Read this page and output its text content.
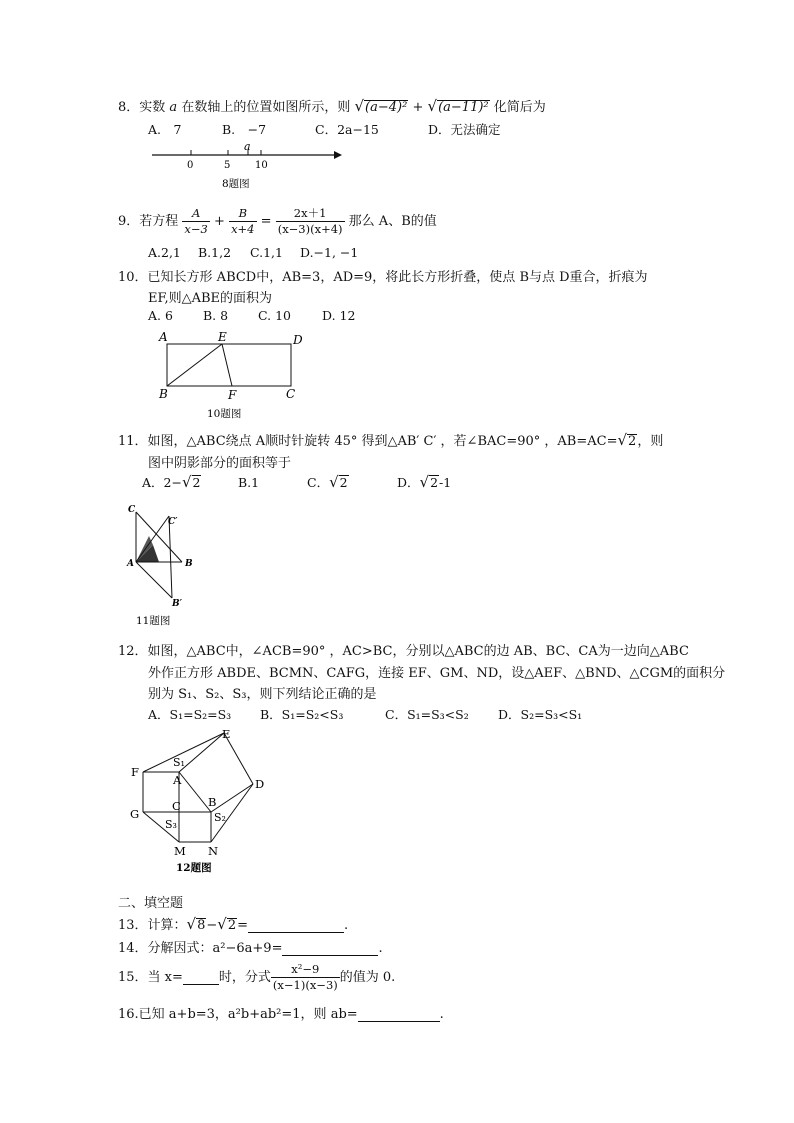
8．实数 a 在数轴上的位置如图所示，则 √(a−4)² + √(a−11)² 化简后为
A.　7	B.　−7	C．2a−15	D．无法确定
a
0	5 10
8题图
9．若方程 $\frac{A}{x-3} + \frac{B}{x+4} = \frac{2x+1}{(x-3)(x+4)}$ 那么 A、B的值
A.2,1 B.1,2 C.1,1 D.−1, −1
10．已知长方形 ABCD中，AB=3，AD=9，将此长方形折叠，使点 B与点 D重合，折痕为
EF,则△ABE的面积为
A. 6 B. 8 C. 10 D. 12
A	E	D
B	F	C
10题图
11．如图，△ABC绕点 A顺时针旋转 45° 得到△AB′ C′ ，若∠BAC=90° ，AB=AC=√2，则
图中阴影部分的面积等于
A．2−√2	B.1	C．√2	D．√2-1
C
C′
A	B
B′
11题图
12．如图，△ABC中，∠ACB=90° ，AC>BC，分别以△ABC的边 AB、BC、CA为一边向△ABC
外作正方形 ABDE、BCMN、CAFG，连接 EF、GM、ND，设△AEF、△BND、△CGM的面积分
别为 S₁、S₂、S₃，则下列结论正确的是
A．S₁=S₂=S₃ B．S₁=S₂<S₃	C．S₁=S₃<S₂ D．S₂=S₃<S₁
E
F
S₁
A	D
C B
G
S₃
S₂
M N
12题图
二、填空题
13．计算：√8−√2=	.
14．分解因式：a²−6a+9=	.
15．当 x=	时，分式 $\frac{\text{x²−9}}{(x-1)(x-3)}$ 的值为 0.
16.已知 a+b=3，a²b+ab²=1，则 ab=	.
